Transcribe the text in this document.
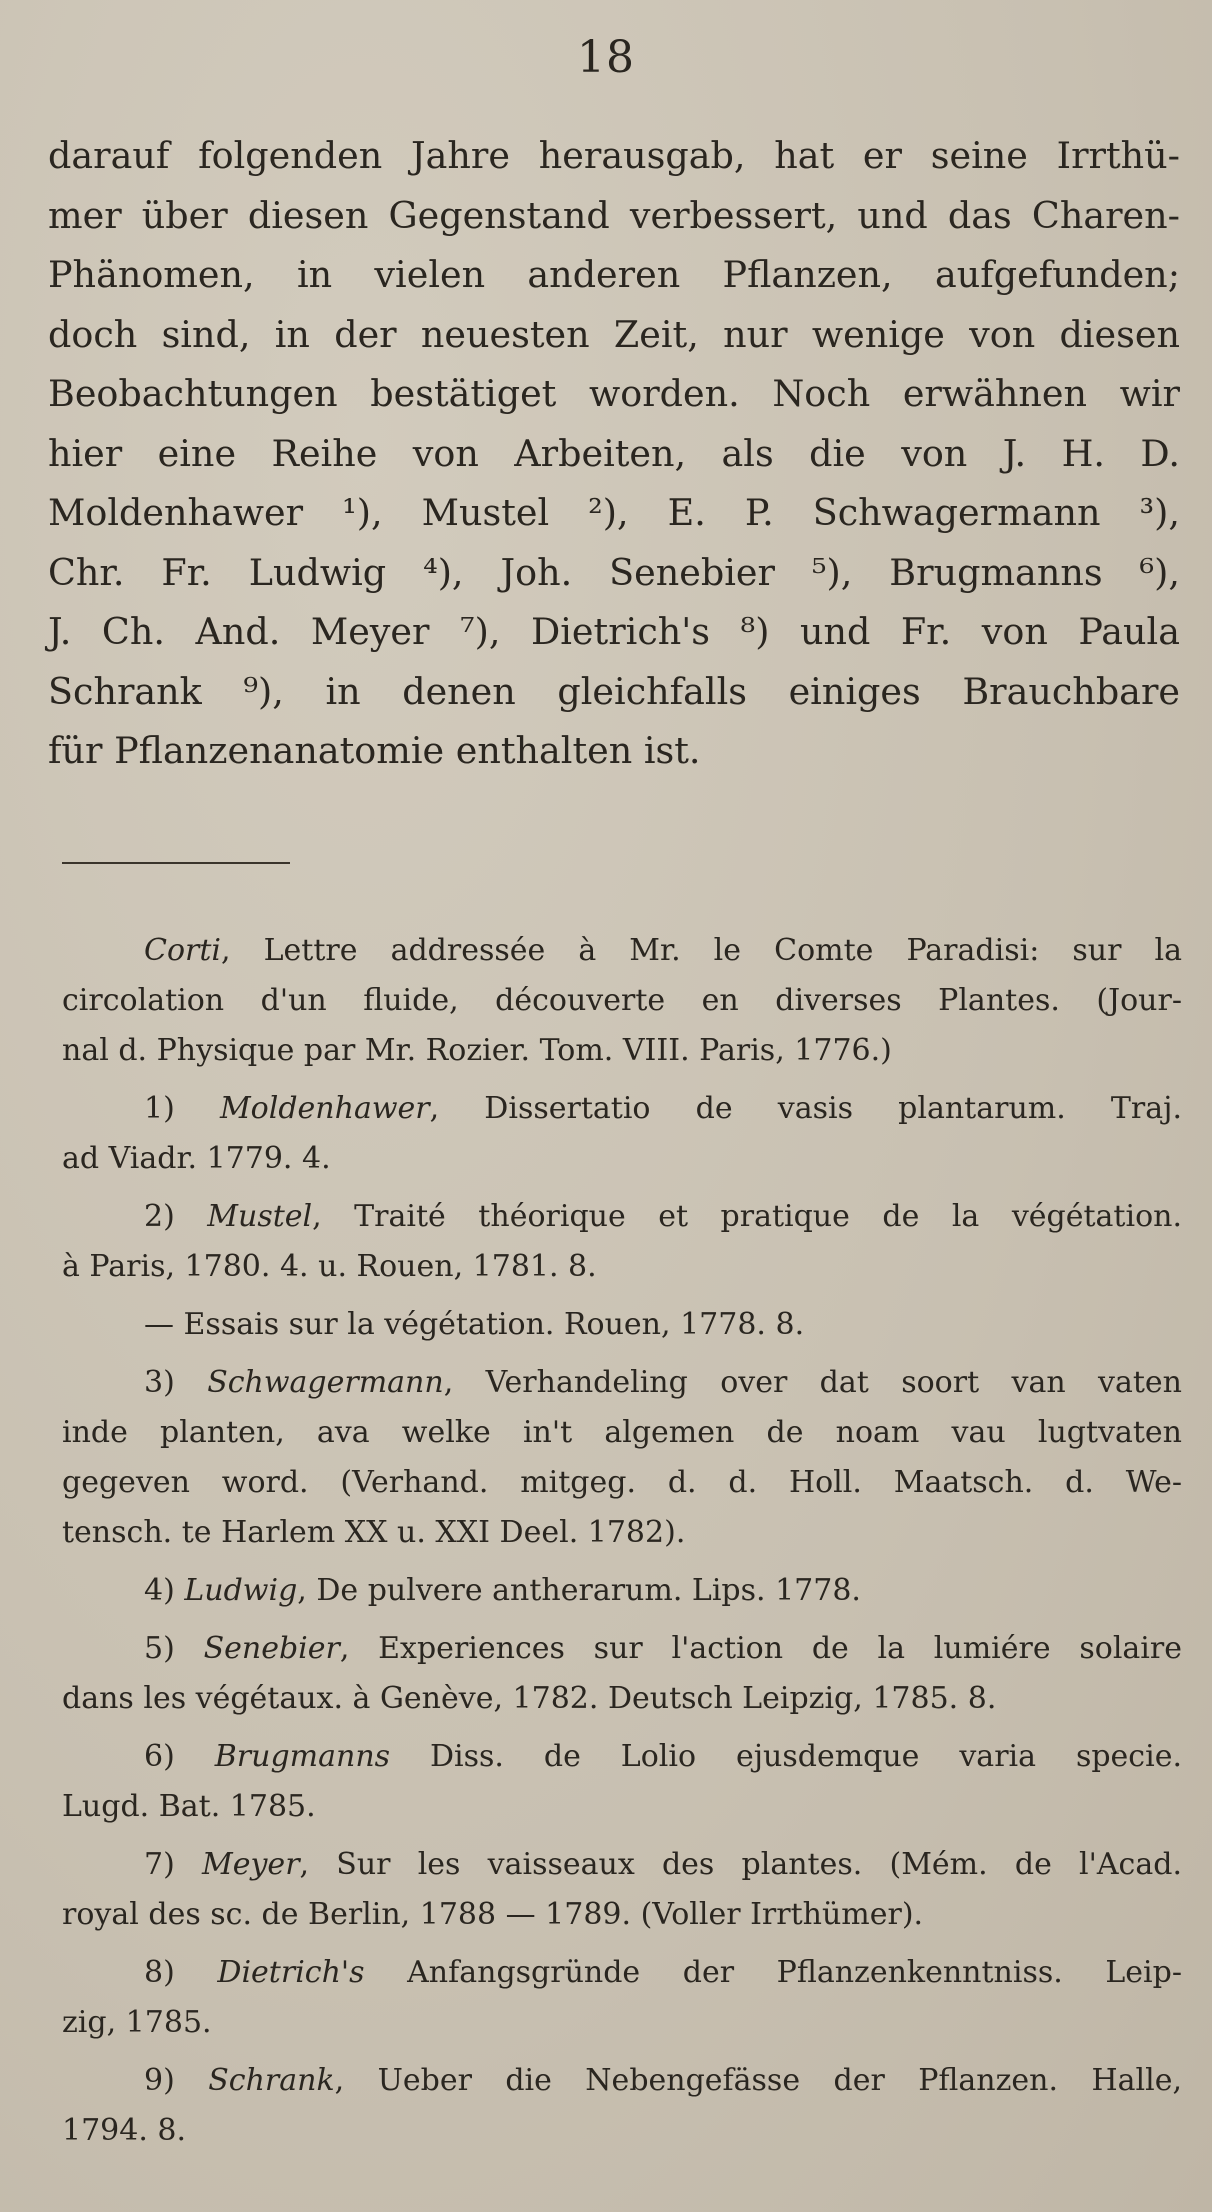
18
darauf folgenden Jahre herausgab, hat er seine Irrthü-
mer über diesen Gegenstand verbessert, und das Charen-
Phänomen, in vielen anderen Pflanzen, aufgefunden;
doch sind, in der neuesten Zeit, nur wenige von diesen
Beobachtungen bestätiget worden. Noch erwähnen wir
hier eine Reihe von Arbeiten, als die von J. H. D.
Moldenhawer ¹), Mustel ²), E. P. Schwagermann ³),
Chr. Fr. Ludwig ⁴), Joh. Senebier ⁵), Brugmanns ⁶),
J. Ch. And. Meyer ⁷), Dietrich's ⁸) und Fr. von Paula
Schrank ⁹), in denen gleichfalls einiges Brauchbare
für Pflanzenanatomie enthalten ist.
Corti, Lettre addressée à Mr. le Comte Paradisi: sur la
circolation d'un fluide, découverte en diverses Plantes. (Jour-
nal d. Physique par Mr. Rozier. Tom. VIII. Paris, 1776.)
1) Moldenhawer, Dissertatio de vasis plantarum. Traj.
ad Viadr. 1779. 4.
2) Mustel, Traité théorique et pratique de la végétation.
à Paris, 1780. 4. u. Rouen, 1781. 8.
— Essais sur la végétation. Rouen, 1778. 8.
3) Schwagermann, Verhandeling over dat soort van vaten
inde planten, ava welke in't algemen de noam vau lugtvaten
gegeven word. (Verhand. mitgeg. d. d. Holl. Maatsch. d. We-
tensch. te Harlem XX u. XXI Deel. 1782).
4) Ludwig, De pulvere antherarum. Lips. 1778.
5) Senebier, Experiences sur l'action de la lumiére solaire
dans les végétaux. à Genève, 1782. Deutsch Leipzig, 1785. 8.
6) Brugmanns Diss. de Lolio ejusdemque varia specie.
Lugd. Bat. 1785.
7) Meyer, Sur les vaisseaux des plantes. (Mém. de l'Acad.
royal des sc. de Berlin, 1788 — 1789. (Voller Irrthümer).
8) Dietrich's Anfangsgründe der Pflanzenkenntniss. Leip-
zig, 1785.
9) Schrank, Ueber die Nebengefässe der Pflanzen. Halle,
1794. 8.
